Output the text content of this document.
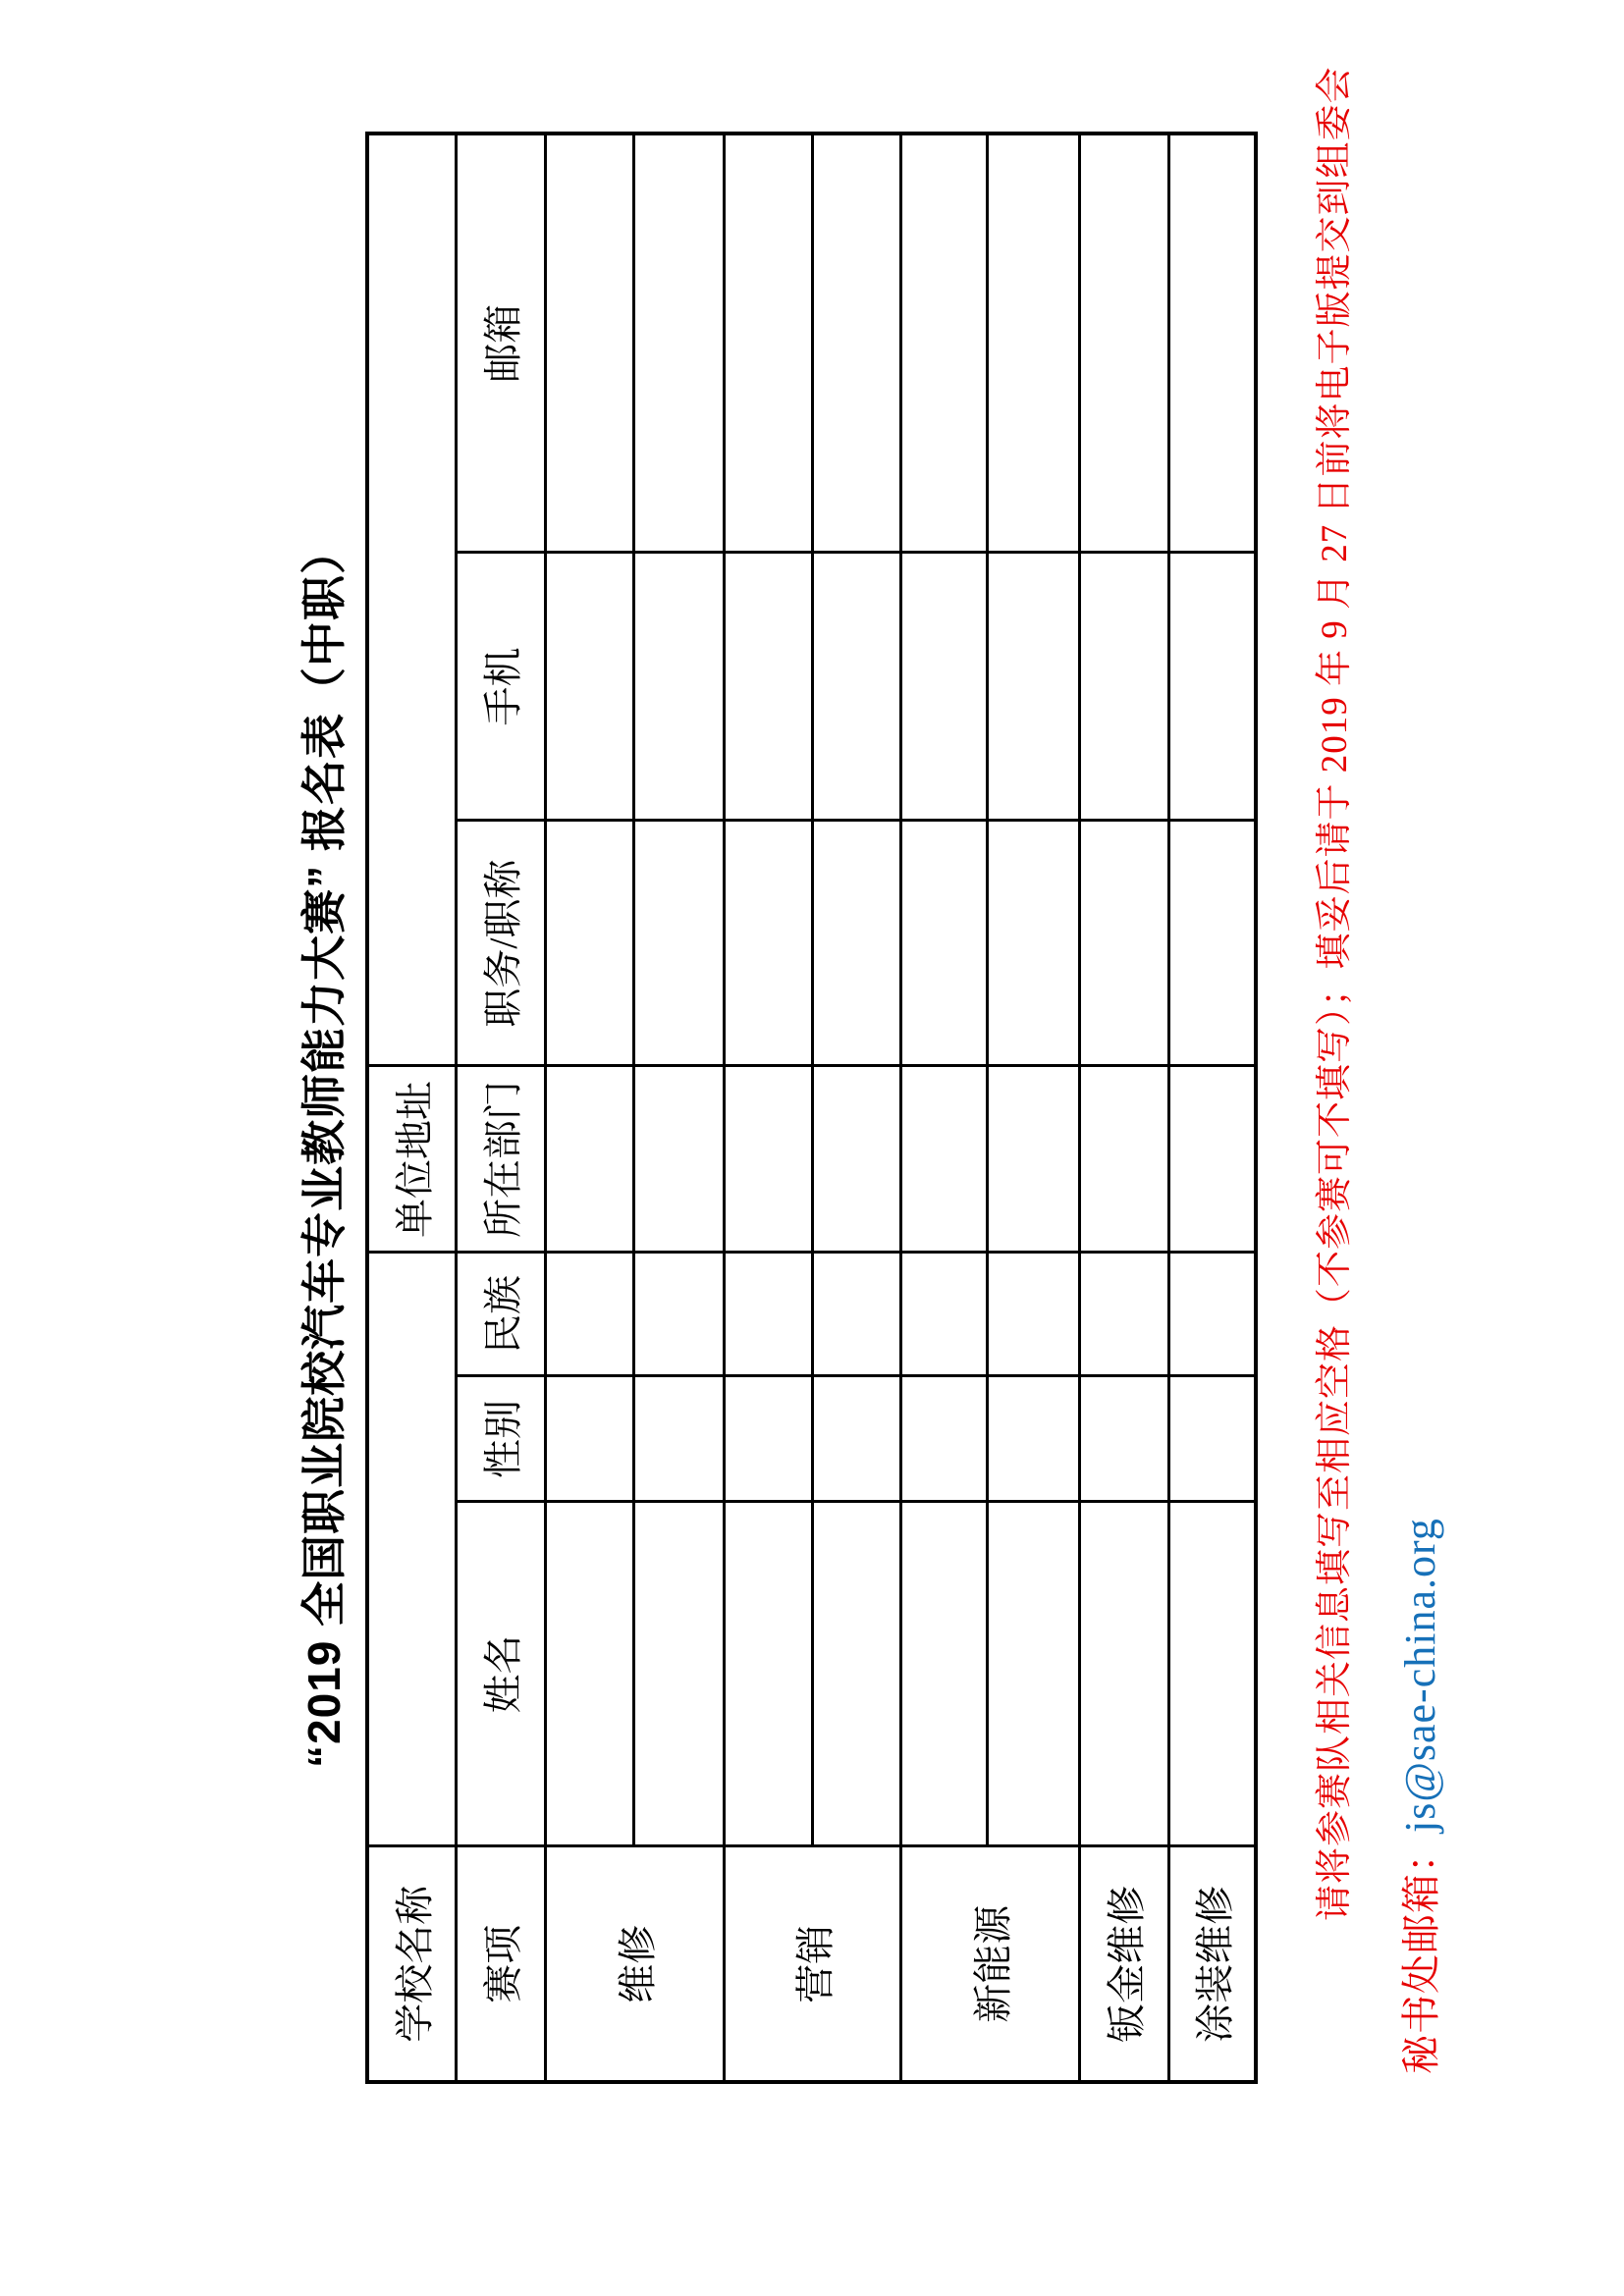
“2019 全国职业院校汽车专业教师能力大赛” 报名表（中职）
学校名称				单位地址			
赛项	姓名	性别	民族	所在部门	职务/职称	手机	邮箱
维修							

营销							

新能源							

钣金维修							
涂装维修							
请将参赛队相关信息填写至相应空格（不参赛可不填写）；填妥后请于 2019 年 9 月 27 日前将电子版提交到组委会
秘书处邮箱：js@sae-china.org
